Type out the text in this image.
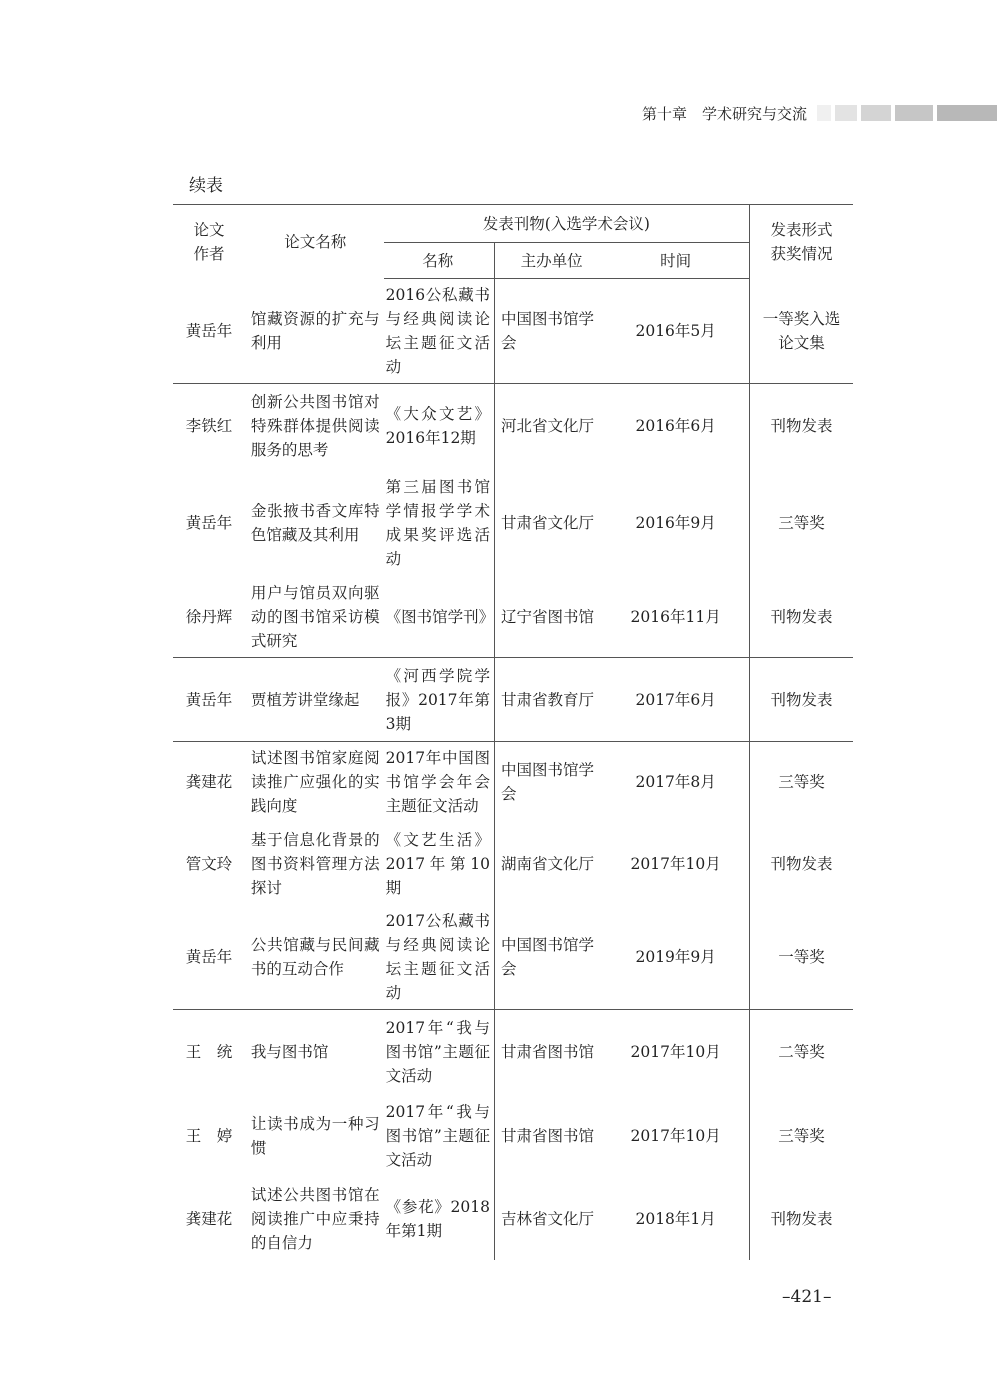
第十章　学术研究与交流
续表
论文作者	论文名称	发表刊物(入选学术会议)			发表形式获奖情况

		名称	主办单位	时间	
黄岳年	馆藏资源的扩充与利用	2016公私藏书与经典阅读论坛主题征文活动	中国图书馆学会	2016年5月	一等奖入选论文集

李铁红	创新公共图书馆对特殊群体提供阅读服务的思考	《大众文艺》2016年12期	河北省文化厅	2016年6月	刊物发表
黄岳年	金张掖书香文库特色馆藏及其利用	第三届图书馆学情报学学术成果奖评选活动	甘肃省文化厅	2016年9月	三等奖
徐丹辉	用户与馆员双向驱动的图书馆采访模式研究	《图书馆学刊》	辽宁省图书馆	2016年11月	刊物发表
黄岳年	贾植芳讲堂缘起	《河西学院学报》2017年第3期	甘肃省教育厅	2017年6月	刊物发表
龚建花	试述图书馆家庭阅读推广应强化的实践向度	2017年中国图书馆学会年会主题征文活动	中国图书馆学会	2017年8月	三等奖
管文玲	基于信息化背景的图书资料管理方法探讨	《文艺生活》2017年第10期	湖南省文化厅	2017年10月	刊物发表
黄岳年	公共馆藏与民间藏书的互动合作	2017公私藏书与经典阅读论坛主题征文活动	中国图书馆学会	2019年9月	一等奖
王　统	我与图书馆	2017年“我与图书馆”主题征文活动	甘肃省图书馆	2017年10月	二等奖
王　婷	让读书成为一种习惯	2017年“我与图书馆”主题征文活动	甘肃省图书馆	2017年10月	三等奖
龚建花	试述公共图书馆在阅读推广中应秉持的自信力	《参花》2018年第1期	吉林省文化厅	2018年1月	刊物发表
–421–
